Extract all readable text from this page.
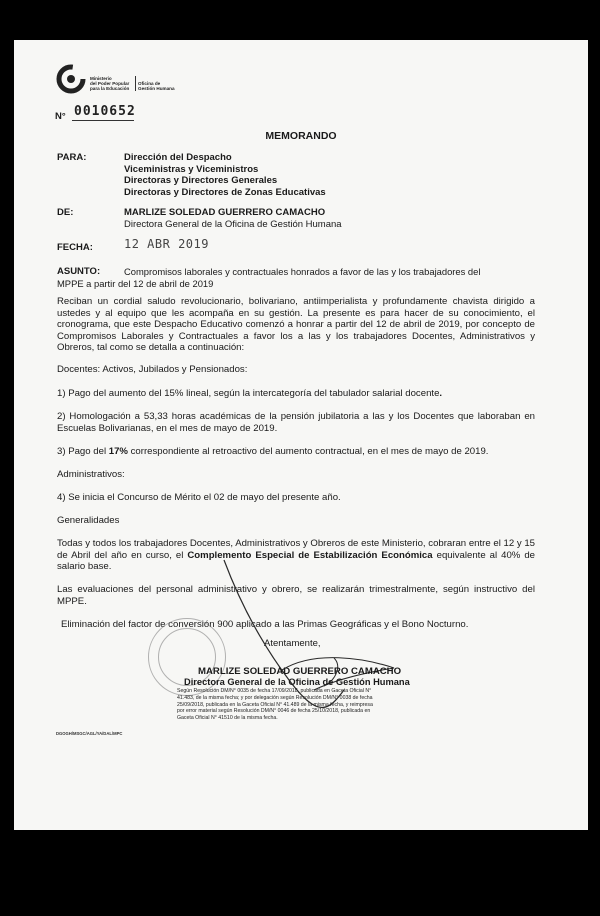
Ministerio
del Poder Popular
para la Educación
Oficina de
Gestión Humana
N° 0010652
MEMORANDO
PARA:	Dirección del Despacho
Viceministras y Viceministros
Directoras y Directores Generales
Directoras y Directores de Zonas Educativas
DE:	MARLIZE SOLEDAD GUERRERO CAMACHO
Directora General de la Oficina de Gestión Humana
FECHA:	12 ABR 2019
ASUNTO:	Compromisos laborales y contractuales honrados a favor de las y los trabajadores del
MPPE a partir del 12 de abril de 2019
Reciban un cordial saludo revolucionario, bolivariano, antiimperialista y profundamente chavista dirigido a ustedes y al equipo que les acompaña en su gestión. La presente es para hacer de su conocimiento, el cronograma, que este Despacho Educativo comenzó a honrar a partir del 12 de abril de 2019, por concepto de Compromisos Laborales y Contractuales a favor los a las y los trabajadores Docentes, Administrativos y Obreros, tal como se detalla a continuación:
Docentes: Activos, Jubilados y Pensionados:
1) Pago del aumento del 15% lineal, según la intercategoría del tabulador salarial docente.
2) Homologación a 53,33 horas académicas de la pensión jubilatoria a las y los Docentes que laboraban en Escuelas Bolivarianas, en el mes de mayo de 2019.
3) Pago del 17% correspondiente al retroactivo del aumento contractual, en el mes de mayo de 2019.
Administrativos:
4) Se inicia el Concurso de Mérito el 02 de mayo del presente año.
Generalidades
Todas y todos los trabajadores Docentes, Administrativos y Obreros de este Ministerio, cobraran entre el 12 y 15 de Abril del año en curso, el Complemento Especial de Estabilización Económica equivalente al 40% de salario base.
Las evaluaciones del personal administrativo y obrero, se realizarán trimestralmente, según instructivo del MPPE.
Eliminación del factor de conversión 900 aplicado a las Primas Geográficas y el Bono Nocturno.
Atentamente,
MARLIZE SOLEDAD GUERRERO CAMACHO
Directora General de la Oficina de Gestión Humana
Según Resolución DM/N° 0035 de fecha 17/09/2018, publicada en Gaceta Oficial N°
41.483, de la misma fecha; y por delegación según Resolución DM/N° 0038 de fecha
25/09/2018, publicada en la Gaceta Oficial N° 41.489 de la misma fecha, y reimpresa
por error material según Resolución DM/N° 0046 de fecha 25/10/2018, publicada en
Gaceta Oficial N° 41510 de la misma fecha.
DGOGH/MSGC/AGL/YA/DAL/MPC
